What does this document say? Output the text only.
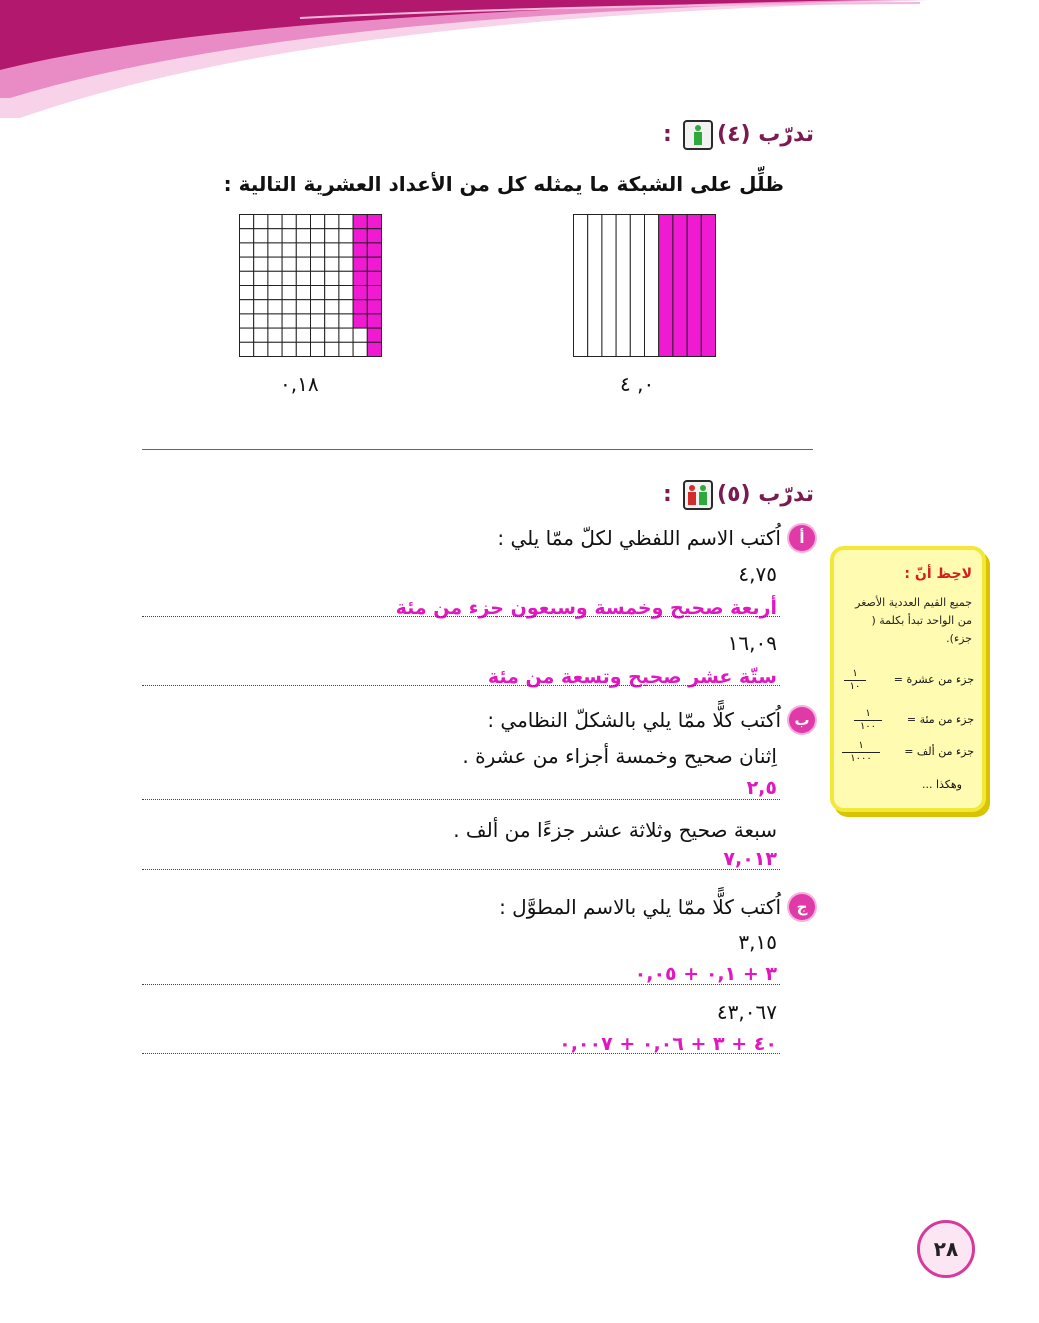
تدرّب (٤)
:
ظلِّل على الشبكة ما يمثله كل من الأعداد العشرية التالية :
٠,١٨	٠, ٤
تدرّب (٥)
:
أ
اُكتب الاسم اللفظي لكلّ ممّا يلي :
٤,٧٥
أربعة صحيح وخمسة وسبعون جزء من مئة
١٦,٠٩
ستّة عشر صحيح وتسعة من مئة
ب
اُكتب كلًّا ممّا يلي بالشكلّ النظامي :
اِثنان صحيح وخمسة أجزاء من عشرة .
٢,٥
سبعة صحيح وثلاثة عشر جزءًا من ألف .
٧,٠١٣
ج
اُكتب كلًّا ممّا يلي بالاسم المطوَّل :
٣,١٥
٣ + ٠,١ + ٠,٠٥
٤٣,٠٦٧
٤٠ + ٣ + ٠,٠٦ + ٠,٠٠٧
لاحِظ أنّ :
جميع القيم العددية الأصغر من الواحد تبدأ بكلمة ( جزء).
جزء من عشرة =
١
١٠
جزء من مئة =
١
١٠٠
جزء من ألف =
١
١٠٠٠
وهكذا ...
٢٨
